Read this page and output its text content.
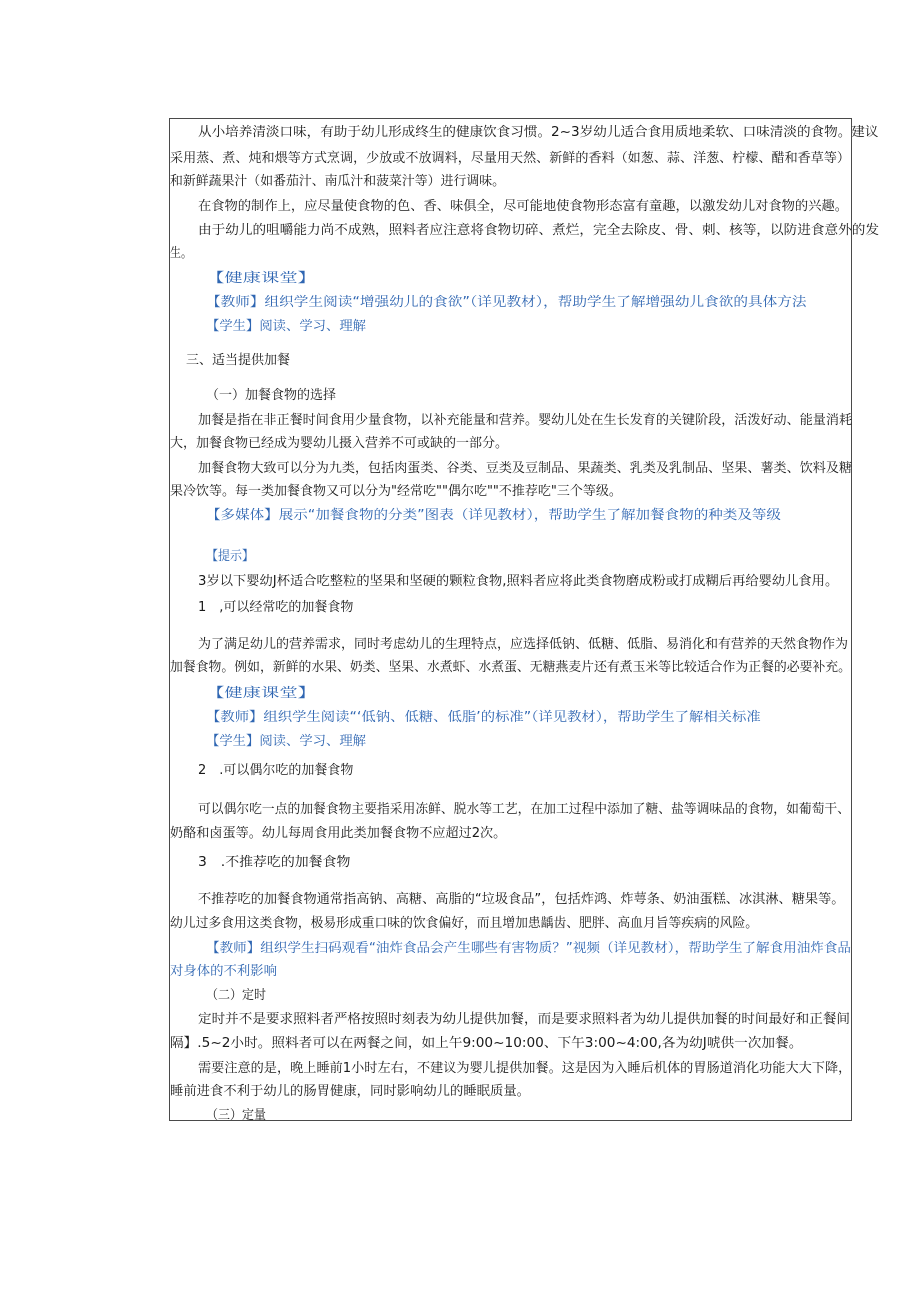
从小培养清淡口味，有助于幼儿形成终生的健康饮食习惯。2~3岁幼儿适合食用质地柔软、口味清淡的食物。建议
采用蒸、煮、炖和煨等方式烹调，少放或不放调料，尽量用天然、新鲜的香料（如葱、蒜、洋葱、柠檬、醋和香草等）
和新鲜蔬果汁（如番茄汁、南瓜汁和菠菜汁等）进行调味。
在食物的制作上，应尽量使食物的色、香、味俱全，尽可能地使食物形态富有童趣，以激发幼儿对食物的兴趣。
由于幼儿的咀嚼能力尚不成熟，照料者应注意将食物切碎、煮烂，完全去除皮、骨、刺、核等，以防进食意外的发
生。
【健康课堂】
【教师】组织学生阅读“增强幼儿的食欲”（详见教材），帮助学生了解增强幼儿食欲的具体方法
【学生】阅读、学习、理解
三、适当提供加餐
（一）加餐食物的选择
加餐是指在非正餐时间食用少量食物，以补充能量和营养。婴幼儿处在生长发育的关键阶段，活泼好动、能量消耗
大，加餐食物已经成为婴幼儿摄入营养不可或缺的一部分。
加餐食物大致可以分为九类，包括肉蛋类、谷类、豆类及豆制品、果蔬类、乳类及乳制品、坚果、薯类、饮料及糖
果冷饮等。每一类加餐食物又可以分为"经常吃""偶尔吃""不推荐吃"三个等级。
【多媒体】展示“加餐食物的分类”图表（详见教材），帮助学生了解加餐食物的种类及等级
【提示】
3岁以下婴幼J杯适合吃整粒的坚果和坚硬的颗粒食物,照料者应将此类食物磨成粉或打成糊后再给婴幼儿食用。
1　,可以经常吃的加餐食物
为了满足幼儿的营养需求，同时考虑幼儿的生理特点，应选择低钠、低糖、低脂、易消化和有营养的天然食物作为
加餐食物。例如，新鲜的水果、奶类、坚果、水煮虾、水煮蛋、无糖燕麦片还有煮玉米等比较适合作为正餐的必要补充。
【健康课堂】
【教师】组织学生阅读“‘低钠、低糖、低脂’的标准”（详见教材），帮助学生了解相关标准
【学生】阅读、学习、理解
2　.可以偶尔吃的加餐食物
可以偶尔吃一点的加餐食物主要指采用冻鲜、脱水等工艺，在加工过程中添加了糖、盐等调味品的食物，如葡萄干、
奶酪和卤蛋等。幼儿每周食用此类加餐食物不应超过2次。
3　.不推荐吃的加餐食物
不推荐吃的加餐食物通常指高钠、高糖、高脂的“垃圾食品”，包括炸鸿、炸萼条、奶油蛋糕、冰淇淋、糖果等。
幼儿过多食用这类食物，极易形成重口味的饮食偏好，而且增加患龋齿、肥胖、高血月旨等疾病的风险。
【教师】组织学生扫码观看“油炸食品会产生哪些有害物质？”视频（详见教材），帮助学生了解食用油炸食品
对身体的不利影响
（二）定时
定时并不是要求照料者严格按照时刻表为幼儿提供加餐，而是要求照料者为幼儿提供加餐的时间最好和正餐间
隔】.5~2小时。照料者可以在两餐之间，如上午9:00~10:00、下午3:00~4:00,各为幼J唬供一次加餐。
需要注意的是，晚上睡前1小时左右，不建议为婴儿提供加餐。这是因为入睡后机体的胃肠道消化功能大大下降，
睡前进食不利于幼儿的肠胃健康，同时影响幼儿的睡眠质量。
（三）定量
